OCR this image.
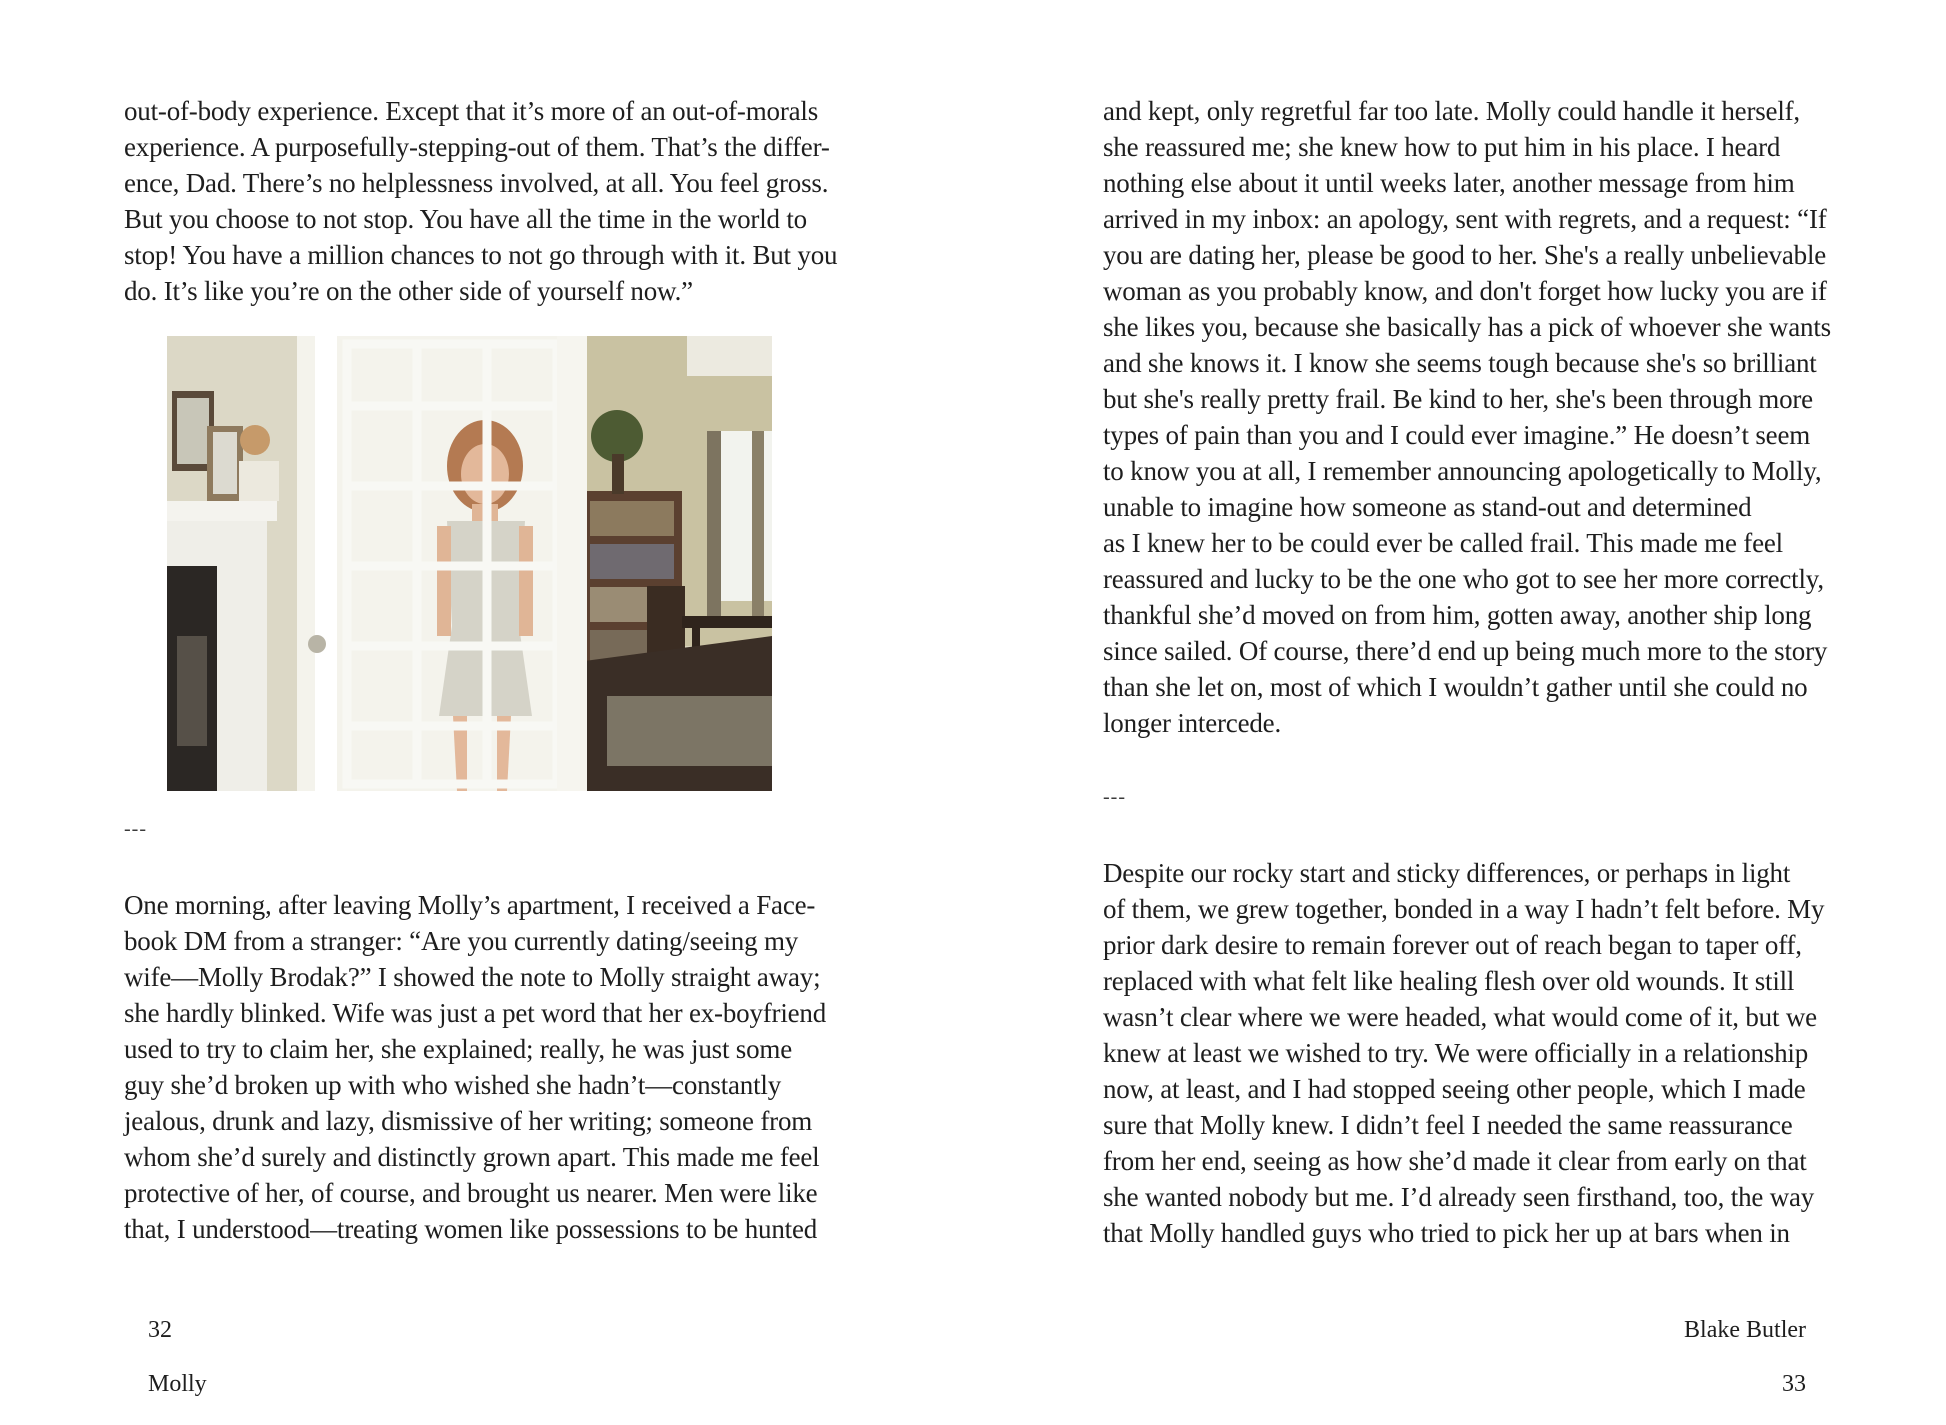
out-of-body experience. Except that it’s more of an out-of-morals
experience. A purposefully-stepping-out of them. That’s the differ-
ence, Dad. There’s no helplessness involved, at all. You feel gross.
But you choose to not stop. You have all the time in the world to
stop! You have a million chances to not go through with it. But you
do. It’s like you’re on the other side of yourself now.”
---
One morning, after leaving Molly’s apartment, I received a Face-
book DM from a stranger: “Are you currently dating/seeing my
wife—Molly Brodak?” I showed the note to Molly straight away;
she hardly blinked. Wife was just a pet word that her ex-boyfriend
used to try to claim her, she explained; really, he was just some
guy she’d broken up with who wished she hadn’t—constantly
jealous, drunk and lazy, dismissive of her writing; someone from
whom she’d surely and distinctly grown apart. This made me feel
protective of her, of course, and brought us nearer. Men were like
that, I understood—treating women like possessions to be hunted

32

Molly

and kept, only regretful far too late. Molly could handle it herself,
she reassured me; she knew how to put him in his place. I heard
nothing else about it until weeks later, another message from him
arrived in my inbox: an apology, sent with regrets, and a request: “If
you are dating her, please be good to her. She's a really unbelievable
woman as you probably know, and don't forget how lucky you are if
she likes you, because she basically has a pick of whoever she wants
and she knows it. I know she seems tough because she's so brilliant
but she's really pretty frail. Be kind to her, she's been through more
types of pain than you and I could ever imagine.” He doesn’t seem
to know you at all, I remember announcing apologetically to Molly,
unable to imagine how someone as stand-out and determined
as I knew her to be could ever be called frail. This made me feel
reassured and lucky to be the one who got to see her more correctly,
thankful she’d moved on from him, gotten away, another ship long
since sailed. Of course, there’d end up being much more to the story
than she let on, most of which I wouldn’t gather until she could no
longer intercede.
---
Despite our rocky start and sticky differences, or perhaps in light
of them, we grew together, bonded in a way I hadn’t felt before. My
prior dark desire to remain forever out of reach began to taper off,
replaced with what felt like healing flesh over old wounds. It still
wasn’t clear where we were headed, what would come of it, but we
knew at least we wished to try. We were officially in a relationship
now, at least, and I had stopped seeing other people, which I made
sure that Molly knew. I didn’t feel I needed the same reassurance
from her end, seeing as how she’d made it clear from early on that
she wanted nobody but me. I’d already seen firsthand, too, the way
that Molly handled guys who tried to pick her up at bars when in

Blake Butler

33
